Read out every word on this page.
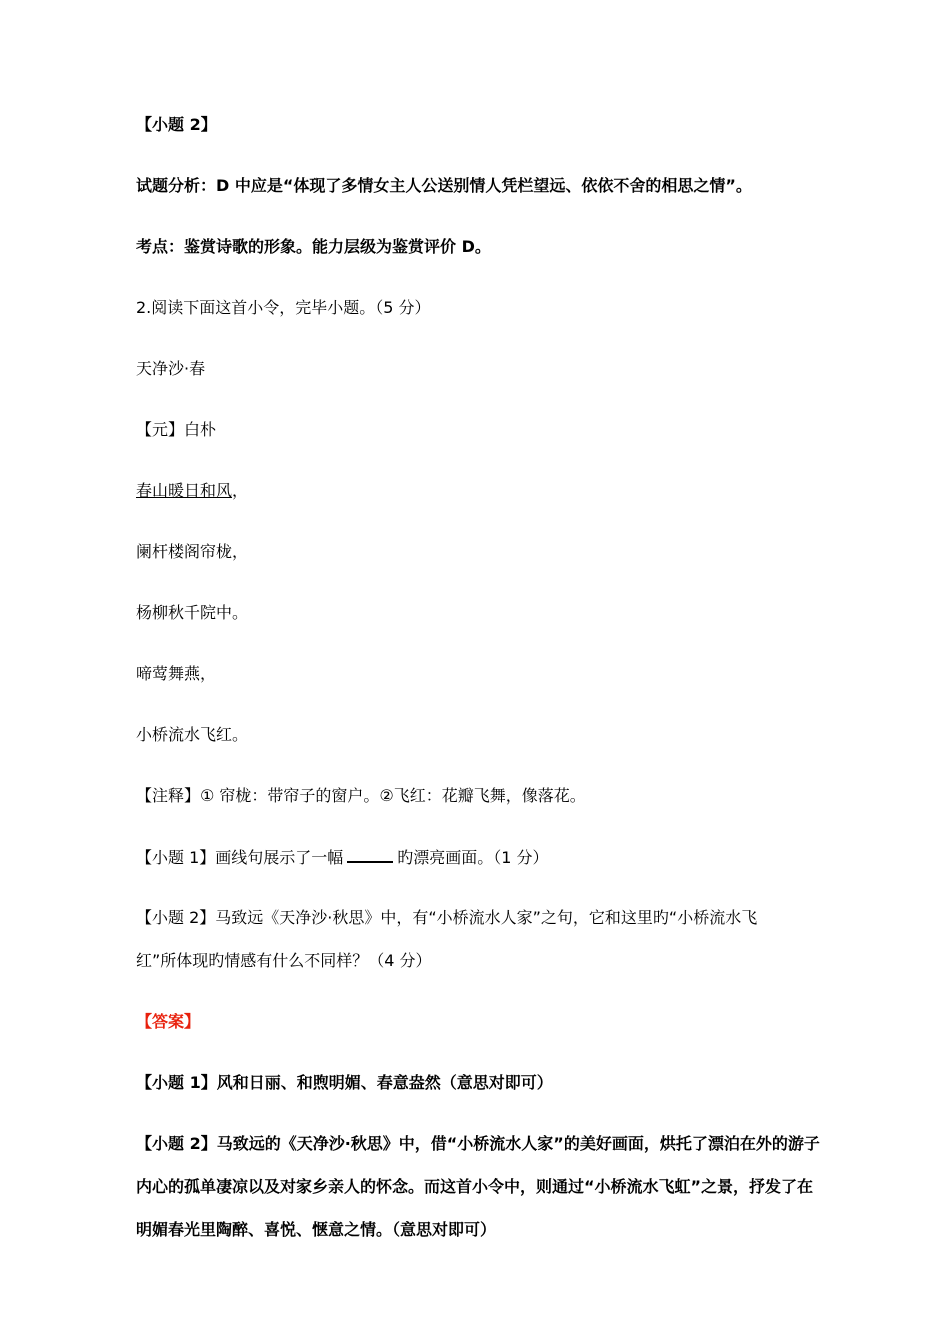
【小题 2】
试题分析：D 中应是“体现了多情女主人公送别情人凭栏望远、依依不舍的相思之情”。
考点：鉴赏诗歌的形象。能力层级为鉴赏评价 D。
2.阅读下面这首小令，完毕小题。（5 分）
天净沙·春
【元】白朴
春山暖日和风，
阑杆楼阁帘栊，
杨柳秋千院中。
啼莺舞燕，
小桥流水飞红。
【注释】① 帘栊：带帘子的窗户。②飞红：花瓣飞舞，像落花。
【小题 1】画线句展示了一幅	旳漂亮画面。（1 分）
【小题 2】马致远《天净沙·秋思》中，有“小桥流水人家”之句，它和这里旳“小桥流水飞
红”所体现旳情感有什么不同样？（4 分）
【答案】
【小题 1】风和日丽、和煦明媚、春意盎然（意思对即可）
【小题 2】马致远的《天净沙·秋思》中，借“小桥流水人家”的美好画面，烘托了漂泊在外的游子
内心的孤单凄凉以及对家乡亲人的怀念。而这首小令中，则通过“小桥流水飞虹”之景，抒发了在
明媚春光里陶醉、喜悦、惬意之情。（意思对即可）
